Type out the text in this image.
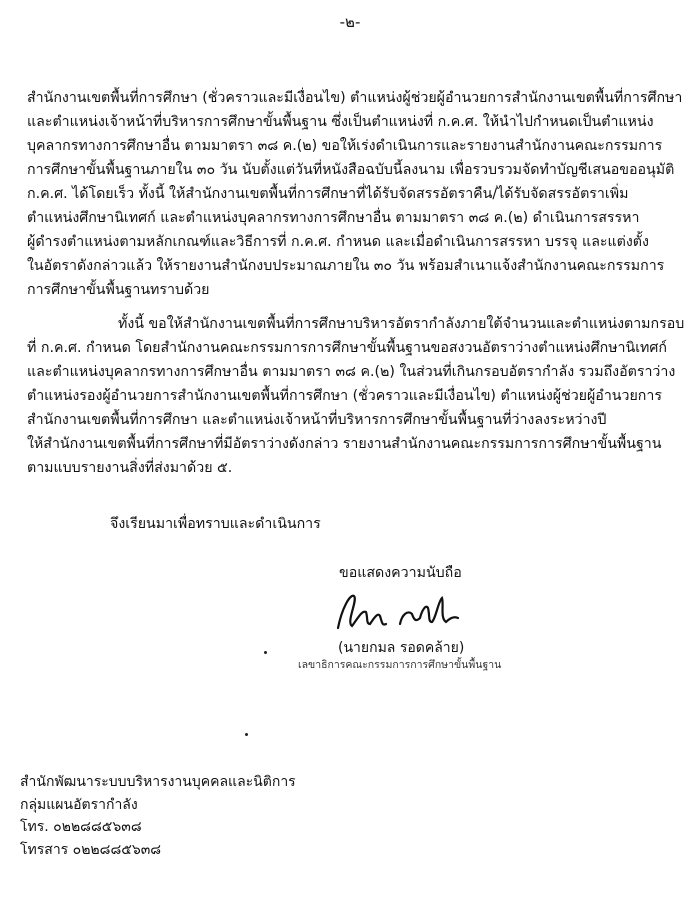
-๒-
สำนักงานเขตพื้นที่การศึกษา (ชั่วคราวและมีเงื่อนไข) ตำแหน่งผู้ช่วยผู้อำนวยการสำนักงานเขตพื้นที่การศึกษา
และตำแหน่งเจ้าหน้าที่บริหารการศึกษาขั้นพื้นฐาน ซึ่งเป็นตำแหน่งที่ ก.ค.ศ. ให้นำไปกำหนดเป็นตำแหน่ง
บุคลากรทางการศึกษาอื่น ตามมาตรา ๓๘ ค.(๒) ขอให้เร่งดำเนินการและรายงานสำนักงานคณะกรรมการ
การศึกษาขั้นพื้นฐานภายใน ๓๐ วัน นับตั้งแต่วันที่หนังสือฉบับนี้ลงนาม เพื่อรวบรวมจัดทำบัญชีเสนอขออนุมัติ
ก.ค.ศ. ได้โดยเร็ว ทั้งนี้ ให้สำนักงานเขตพื้นที่การศึกษาที่ได้รับจัดสรรอัตราคืน/ได้รับจัดสรรอัตราเพิ่ม
ตำแหน่งศึกษานิเทศก์ และตำแหน่งบุคลากรทางการศึกษาอื่น ตามมาตรา ๓๘ ค.(๒) ดำเนินการสรรหา
ผู้ดำรงตำแหน่งตามหลักเกณฑ์และวิธีการที่ ก.ค.ศ. กำหนด และเมื่อดำเนินการสรรหา บรรจุ และแต่งตั้ง
ในอัตราดังกล่าวแล้ว ให้รายงานสำนักงบประมาณภายใน ๓๐ วัน พร้อมสำเนาแจ้งสำนักงานคณะกรรมการ
การศึกษาขั้นพื้นฐานทราบด้วย
ทั้งนี้ ขอให้สำนักงานเขตพื้นที่การศึกษาบริหารอัตรากำลังภายใต้จำนวนและตำแหน่งตามกรอบ
ที่ ก.ค.ศ. กำหนด โดยสำนักงานคณะกรรมการการศึกษาขั้นพื้นฐานขอสงวนอัตราว่างตำแหน่งศึกษานิเทศก์
และตำแหน่งบุคลากรทางการศึกษาอื่น ตามมาตรา ๓๘ ค.(๒) ในส่วนที่เกินกรอบอัตรากำลัง รวมถึงอัตราว่าง
ตำแหน่งรองผู้อำนวยการสำนักงานเขตพื้นที่การศึกษา (ชั่วคราวและมีเงื่อนไข) ตำแหน่งผู้ช่วยผู้อำนวยการ
สำนักงานเขตพื้นที่การศึกษา และตำแหน่งเจ้าหน้าที่บริหารการศึกษาขั้นพื้นฐานที่ว่างลงระหว่างปี
ให้สำนักงานเขตพื้นที่การศึกษาที่มีอัตราว่างดังกล่าว รายงานสำนักงานคณะกรรมการการศึกษาขั้นพื้นฐาน
ตามแบบรายงานสิ่งที่ส่งมาด้วย ๕.
จึงเรียนมาเพื่อทราบและดำเนินการ
ขอแสดงความนับถือ
(นายกมล รอดคล้าย)
เลขาธิการคณะกรรมการการศึกษาขั้นพื้นฐาน
สำนักพัฒนาระบบบริหารงานบุคคลและนิติการ
กลุ่มแผนอัตรากำลัง
โทร. ๐๒๒๘๘๕๖๓๘
โทรสาร ๐๒๒๘๘๕๖๓๘
